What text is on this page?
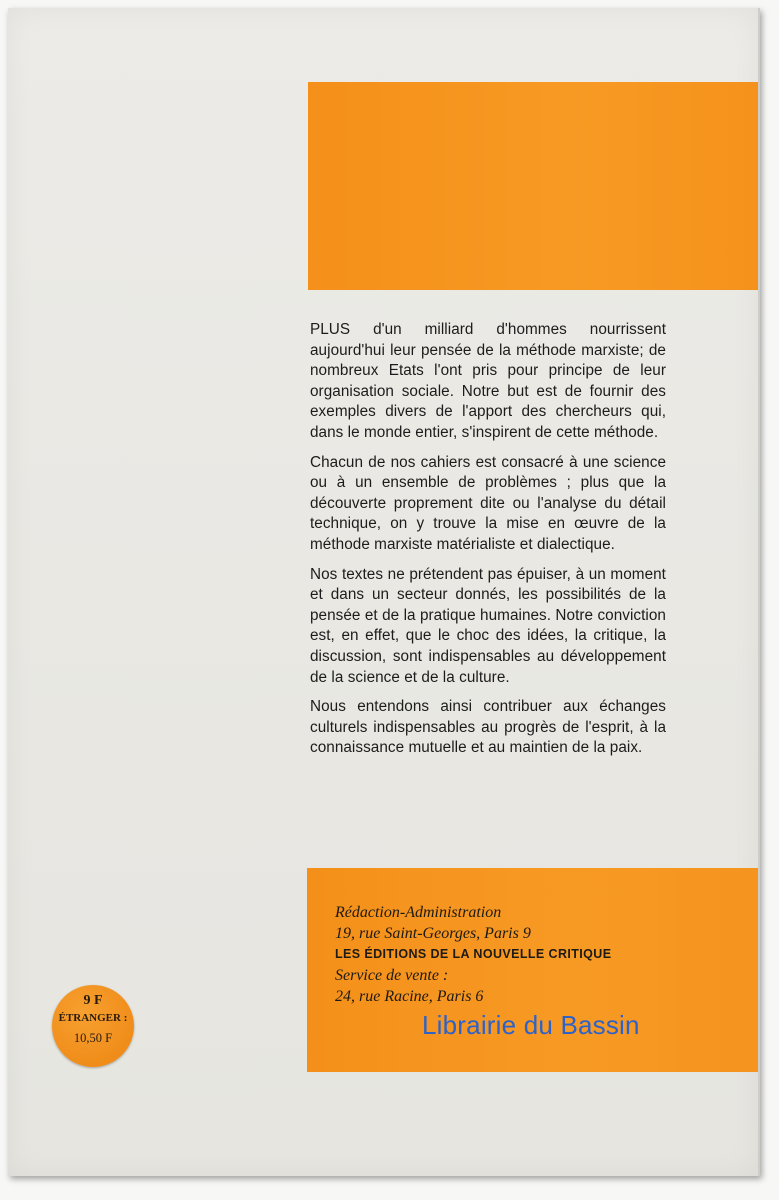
PLUS d'un milliard d'hommes nourrissent aujourd'hui leur pensée de la méthode marxiste; de nombreux Etats l'ont pris pour principe de leur organisation sociale. Notre but est de fournir des exemples divers de l'apport des chercheurs qui, dans le monde entier, s'inspirent de cette méthode.

Chacun de nos cahiers est consacré à une science ou à un ensemble de problèmes ; plus que la découverte proprement dite ou l'analyse du détail technique, on y trouve la mise en œuvre de la méthode marxiste matérialiste et dialectique.

Nos textes ne prétendent pas épuiser, à un moment et dans un secteur donnés, les possibilités de la pensée et de la pratique humaines. Notre conviction est, en effet, que le choc des idées, la critique, la discussion, sont indispensables au développement de la science et de la culture.

Nous entendons ainsi contribuer aux échanges culturels indispensables au progrès de l'esprit, à la connaissance mutuelle et au maintien de la paix.

Rédaction-Administration
19, rue Saint-Georges, Paris 9
LES ÉDITIONS DE LA NOUVELLE CRITIQUE
Service de vente :
24, rue Racine, Paris 6
9 F
ÉTRANGER :
10,50 F	Librairie du Bassin
